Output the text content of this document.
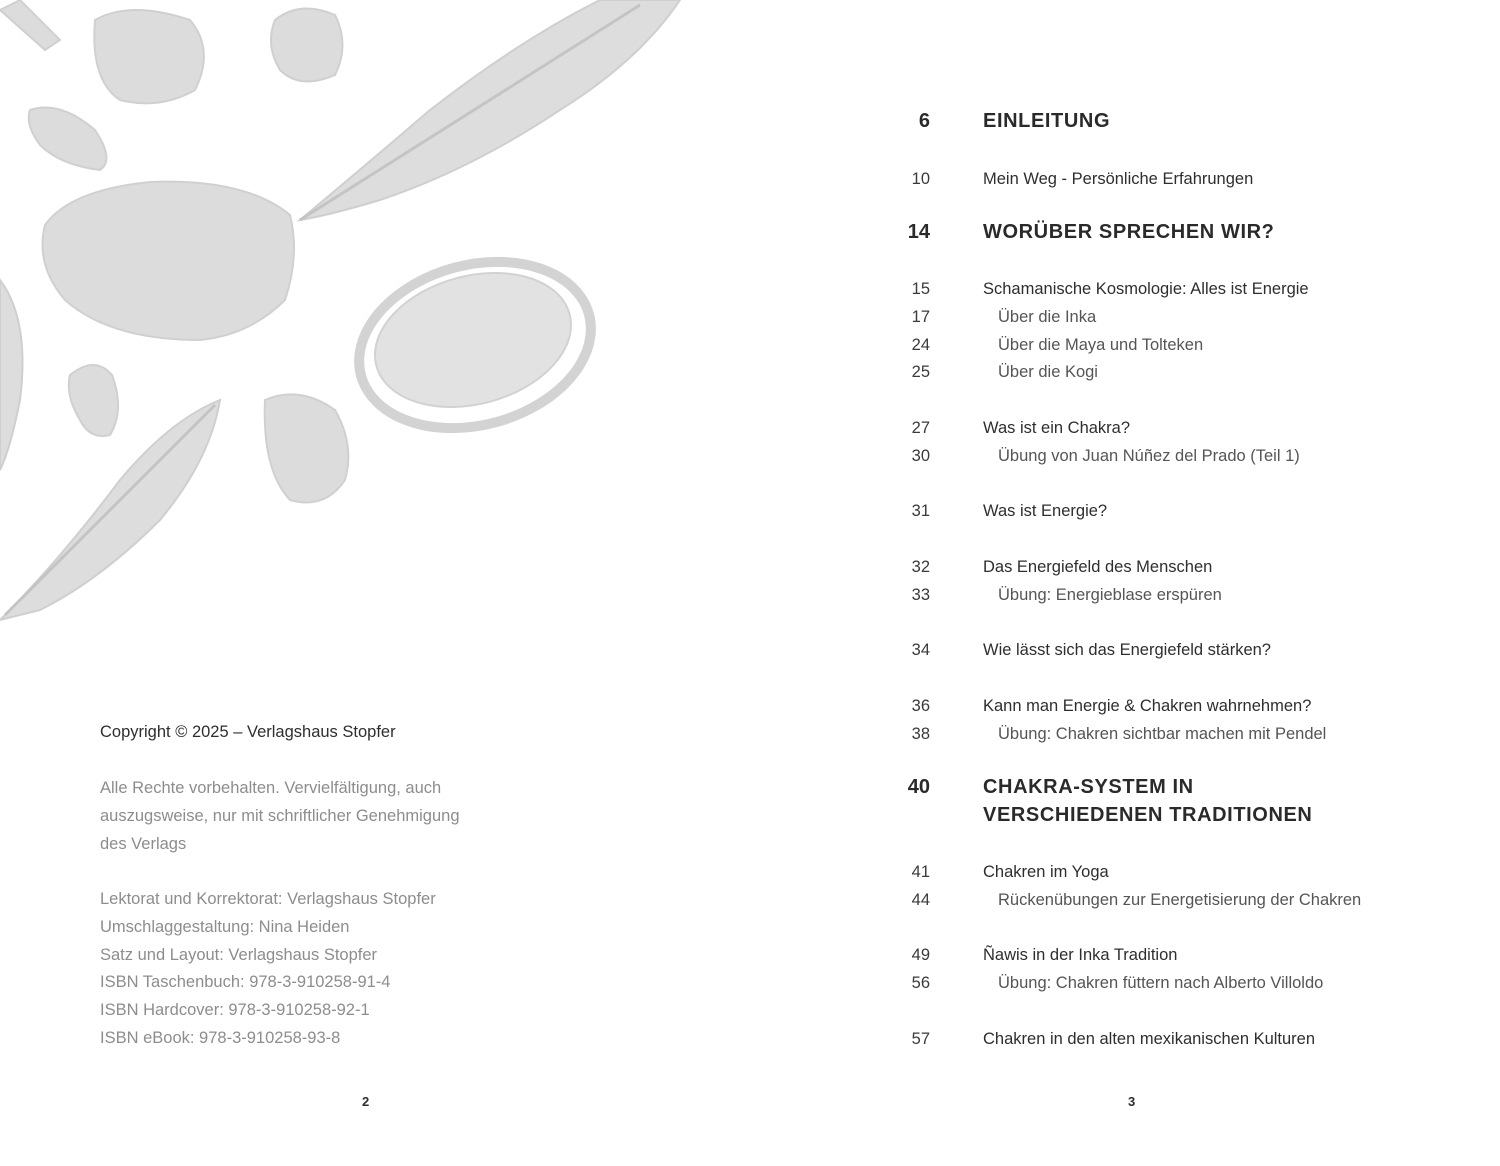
Copyright © 2025 – Verlagshaus Stopfer
Alle Rechte vorbehalten. Vervielfältigung, auch auszugsweise, nur mit schriftlicher Genehmigung des Verlags
Lektorat und Korrektorat: Verlagshaus Stopfer
Umschlaggestaltung: Nina Heiden
Satz und Layout: Verlagshaus Stopfer
ISBN Taschenbuch: 978-3-910258-91-4
ISBN Hardcover: 978-3-910258-92-1
ISBN eBook: 978-3-910258-93-8
2
6	EINLEITUNG
10	Mein Weg - Persönliche Erfahrungen
14	WORÜBER SPRECHEN WIR?
15	Schamanische Kosmologie: Alles ist Energie
17	Über die Inka
24	Über die Maya und Tolteken
25	Über die Kogi
27	Was ist ein Chakra?
30	Übung von Juan Núñez del Prado (Teil 1)
31	Was ist Energie?
32	Das Energiefeld des Menschen
33	Übung: Energieblase erspüren
34	Wie lässt sich das Energiefeld stärken?
36	Kann man Energie & Chakren wahrnehmen?
38	Übung: Chakren sichtbar machen mit Pendel
40	CHAKRA-SYSTEM IN
VERSCHIEDENEN TRADITIONEN
41	Chakren im Yoga
44	Rückenübungen zur Energetisierung der Chakren
49	Ñawis in der Inka Tradition
56	Übung: Chakren füttern nach Alberto Villoldo
57	Chakren in den alten mexikanischen Kulturen
3
